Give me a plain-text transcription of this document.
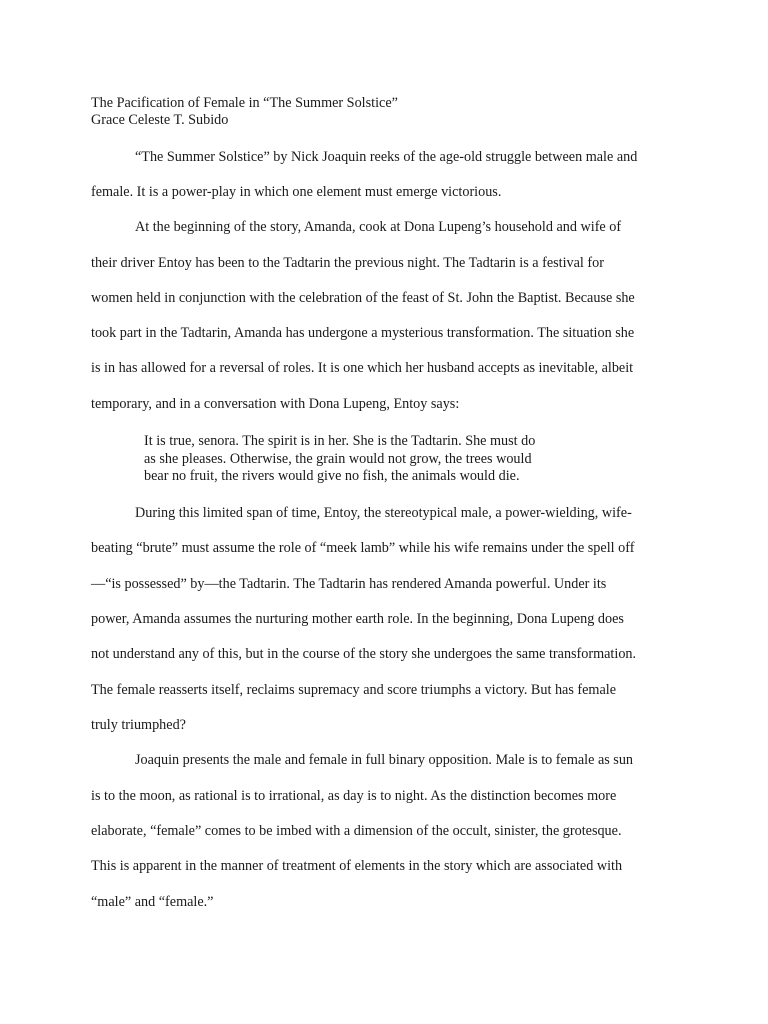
The Pacification of Female in “The Summer Solstice”
Grace Celeste T. Subido
“The Summer Solstice” by Nick Joaquin reeks of the age-old struggle between male and
female. It is a power-play in which one element must emerge victorious.
At the beginning of the story, Amanda, cook at Dona Lupeng’s household and wife of
their driver Entoy has been to the Tadtarin the previous night. The Tadtarin is a festival for
women held in conjunction with the celebration of the feast of St. John the Baptist. Because she
took part in the Tadtarin, Amanda has undergone a mysterious transformation. The situation she
is in has allowed for a reversal of roles. It is one which her husband accepts as inevitable, albeit
temporary, and in a conversation with Dona Lupeng, Entoy says:
It is true, senora. The spirit is in her. She is the Tadtarin. She must do
as she pleases. Otherwise, the grain would not grow, the trees would
bear no fruit, the rivers would give no fish, the animals would die.
During this limited span of time, Entoy, the stereotypical male, a power-wielding, wife-
beating “brute” must assume the role of “meek lamb” while his wife remains under the spell off
—“is possessed” by—the Tadtarin. The Tadtarin has rendered Amanda powerful. Under its
power, Amanda assumes the nurturing mother earth role. In the beginning, Dona Lupeng does
not understand any of this, but in the course of the story she undergoes the same transformation.
The female reasserts itself, reclaims supremacy and score triumphs a victory. But has female
truly triumphed?
Joaquin presents the male and female in full binary opposition. Male is to female as sun
is to the moon, as rational is to irrational, as day is to night. As the distinction becomes more
elaborate, “female” comes to be imbed with a dimension of the occult, sinister, the grotesque.
This is apparent in the manner of treatment of elements in the story which are associated with
“male” and “female.”
